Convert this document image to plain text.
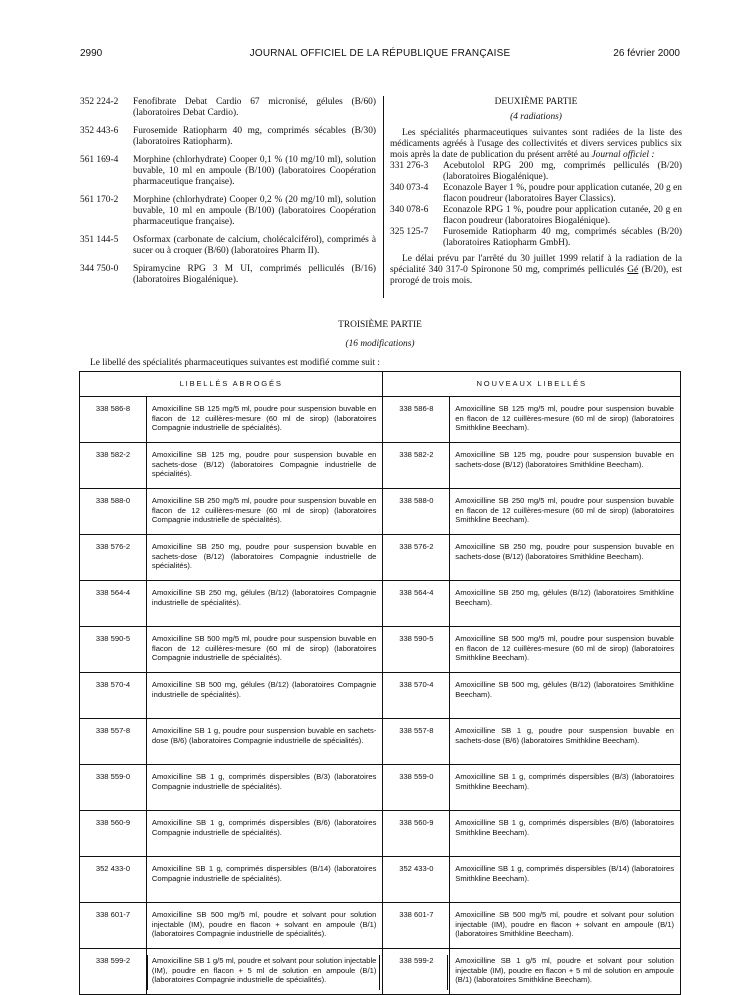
2990	JOURNAL OFFICIEL DE LA RÉPUBLIQUE FRANÇAISE	26 février 2000
352 224-2	Fenofibrate Debat Cardio 67 micronisé, gélules (B/60) (laboratoires Debat Cardio).
352 443-6	Furosemide Ratiopharm 40 mg, comprimés sécables (B/30) (laboratoires Ratiopharm).
561 169-4	Morphine (chlorhydrate) Cooper 0,1 % (10 mg/10 ml), solution buvable, 10 ml en ampoule (B/100) (laboratoires Coopération pharmaceutique française).
561 170-2	Morphine (chlorhydrate) Cooper 0,2 % (20 mg/10 ml), solution buvable, 10 ml en ampoule (B/100) (laboratoires Coopération pharmaceutique française).
351 144-5	Osformax (carbonate de calcium, cholécalciférol), comprimés à sucer ou à croquer (B/60) (laboratoires Pharm II).
344 750-0	Spiramycine RPG 3 M UI, comprimés pelliculés (B/16) (laboratoires Biogalénique).
DEUXIÈME PARTIE
(4 radiations)
Les spécialités pharmaceutiques suivantes sont radiées de la liste des médicaments agréés à l'usage des collectivités et divers services publics six mois après la date de publication du présent arrêté au Journal officiel :
331 276-3	Acebutolol RPG 200 mg, comprimés pelliculés (B/20) (laboratoires Biogalénique).
340 073-4	Econazole Bayer 1 %, poudre pour application cutanée, 20 g en flacon poudreur (laboratoires Bayer Classics).
340 078-6	Econazole RPG 1 %, poudre pour application cutanée, 20 g en flacon poudreur (laboratoires Biogalénique).
325 125-7	Furosemide Ratiopharm 40 mg, comprimés sécables (B/20) (laboratoires Ratiopharm GmbH).
Le délai prévu par l'arrêté du 30 juillet 1999 relatif à la radiation de la spécialité 340 317-0 Spironone 50 mg, comprimés pelliculés Gé (B/20), est prorogé de trois mois.
TROISIÈME PARTIE
(16 modifications)
Le libellé des spécialités pharmaceutiques suivantes est modifié comme suit :
LIBELLÉS ABROGÉS		NOUVEAUX LIBELLÉS	
338 586-8	Amoxicilline SB 125 mg/5 ml, poudre pour suspension buvable en flacon de 12 cuillères-mesure (60 ml de sirop) (laboratoires Compagnie industrielle de spécialités).	338 586-8	Amoxicilline SB 125 mg/5 ml, poudre pour suspension buvable en flacon de 12 cuillères-mesure (60 ml de sirop) (laboratoires Smithkline Beecham).
338 582-2	Amoxicilline SB 125 mg, poudre pour suspension buvable en sachets-dose (B/12) (laboratoires Compagnie industrielle de spécialités).	338 582-2	Amoxicilline SB 125 mg, poudre pour suspension buvable en sachets-dose (B/12) (laboratoires Smithkline Beecham).
338 588-0	Amoxicilline SB 250 mg/5 ml, poudre pour suspension buvable en flacon de 12 cuillères-mesure (60 ml de sirop) (laboratoires Compagnie industrielle de spécialités).	338 588-0	Amoxicilline SB 250 mg/5 ml, poudre pour suspension buvable en flacon de 12 cuillères-mesure (60 ml de sirop) (laboratoires Smithkline Beecham).
338 576-2	Amoxicilline SB 250 mg, poudre pour suspension buvable en sachets-dose (B/12) (laboratoires Compagnie industrielle de spécialités).	338 576-2	Amoxicilline SB 250 mg, poudre pour suspension buvable en sachets-dose (B/12) (laboratoires Smithkline Beecham).
338 564-4	Amoxicilline SB 250 mg, gélules (B/12) (laboratoires Compagnie industrielle de spécialités).	338 564-4	Amoxicilline SB 250 mg, gélules (B/12) (laboratoires Smithkline Beecham).
338 590-5	Amoxicilline SB 500 mg/5 ml, poudre pour suspension buvable en flacon de 12 cuillères-mesure (60 ml de sirop) (laboratoires Compagnie industrielle de spécialités).	338 590-5	Amoxicilline SB 500 mg/5 ml, poudre pour suspension buvable en flacon de 12 cuillères-mesure (60 ml de sirop) (laboratoires Smithkline Beecham).
338 570-4	Amoxicilline SB 500 mg, gélules (B/12) (laboratoires Compagnie industrielle de spécialités).	338 570-4	Amoxicilline SB 500 mg, gélules (B/12) (laboratoires Smithkline Beecham).
338 557-8	Amoxicilline SB 1 g, poudre pour suspension buvable en sachets-dose (B/6) (laboratoires Compagnie industrielle de spécialités).	338 557-8	Amoxicilline SB 1 g, poudre pour suspension buvable en sachets-dose (B/6) (laboratoires Smithkline Beecham).
338 559-0	Amoxicilline SB 1 g, comprimés dispersibles (B/3) (laboratoires Compagnie industrielle de spécialités).	338 559-0	Amoxicilline SB 1 g, comprimés dispersibles (B/3) (laboratoires Smithkline Beecham).
338 560-9	Amoxicilline SB 1 g, comprimés dispersibles (B/6) (laboratoires Compagnie industrielle de spécialités).	338 560-9	Amoxicilline SB 1 g, comprimés dispersibles (B/6) (laboratoires Smithkline Beecham).
352 433-0	Amoxicilline SB 1 g, comprimés dispersibles (B/14) (laboratoires Compagnie industrielle de spécialités).	352 433-0	Amoxicilline SB 1 g, comprimés dispersibles (B/14) (laboratoires Smithkline Beecham).
338 601-7	Amoxicilline SB 500 mg/5 ml, poudre et solvant pour solution injectable (IM), poudre en flacon + solvant en ampoule (B/1) (laboratoires Compagnie industrielle de spécialités).	338 601-7	Amoxicilline SB 500 mg/5 ml, poudre et solvant pour solution injectable (IM), poudre en flacon + solvant en ampoule (B/1) (laboratoires Smithkline Beecham).
338 599-2	Amoxicilline SB 1 g/5 ml, poudre et solvant pour solution injectable (IM), poudre en flacon + 5 ml de solution en ampoule (B/1) (laboratoires Compagnie industrielle de spécialités).	338 599-2	Amoxicilline SB 1 g/5 ml, poudre et solvant pour solution injectable (IM), poudre en flacon + 5 ml de solution en ampoule (B/1) (laboratoires Smithkline Beecham).
